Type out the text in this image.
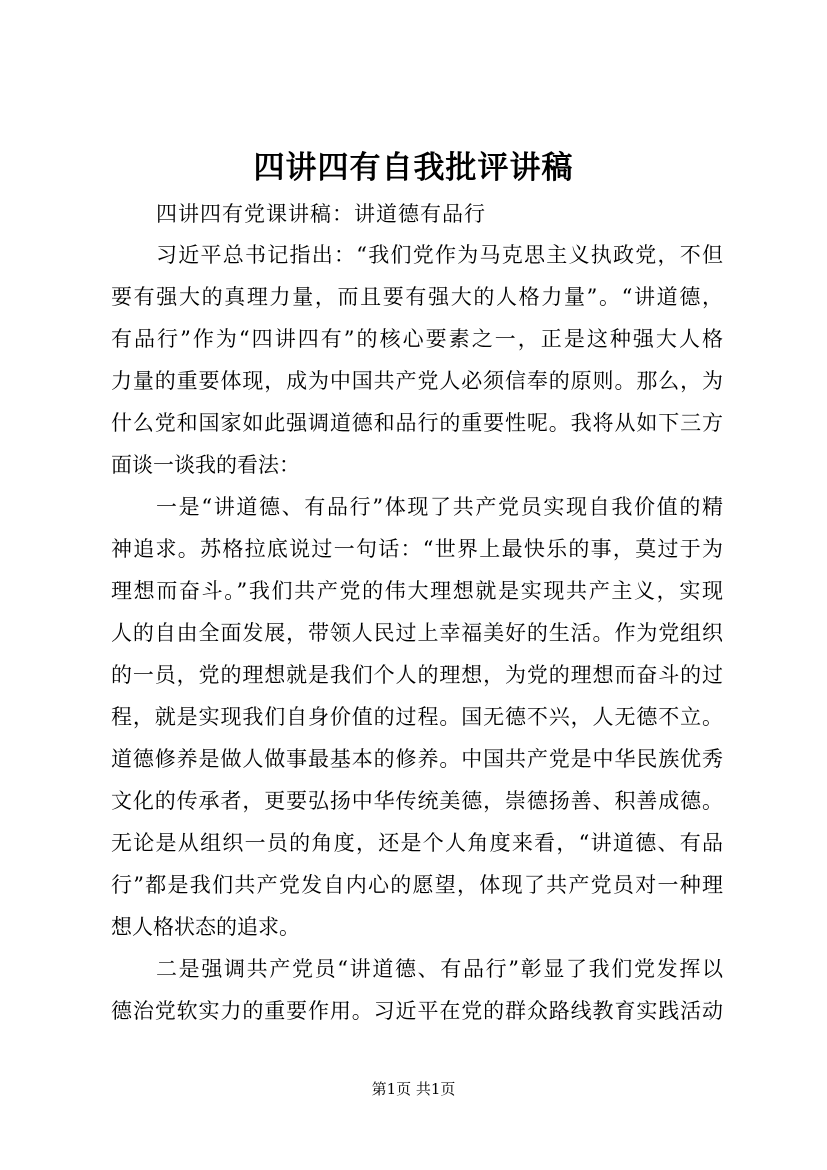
四讲四有自我批评讲稿

四讲四有党课讲稿：讲道德有品行

习近平总书记指出：“我们党作为马克思主义执政党，不但

要有强大的真理力量，而且要有强大的人格力量”。“讲道德，

有品行”作为“四讲四有”的核心要素之一，正是这种强大人格

力量的重要体现，成为中国共产党人必须信奉的原则。那么，为

什么党和国家如此强调道德和品行的重要性呢。我将从如下三方

面谈一谈我的看法：

一是“讲道德、有品行”体现了共产党员实现自我价值的精

神追求。苏格拉底说过一句话：“世界上最快乐的事，莫过于为

理想而奋斗。”我们共产党的伟大理想就是实现共产主义，实现

人的自由全面发展，带领人民过上幸福美好的生活。作为党组织

的一员，党的理想就是我们个人的理想，为党的理想而奋斗的过

程，就是实现我们自身价值的过程。国无德不兴，人无德不立。

道德修养是做人做事最基本的修养。中国共产党是中华民族优秀

文化的传承者，更要弘扬中华传统美德，崇德扬善、积善成德。

无论是从组织一员的角度，还是个人角度来看，“讲道德、有品

行”都是我们共产党发自内心的愿望，体现了共产党员对一种理

想人格状态的追求。

二是强调共产党员“讲道德、有品行”彰显了我们党发挥以

德治党软实力的重要作用。习近平在党的群众路线教育实践活动

第1页 共1页
